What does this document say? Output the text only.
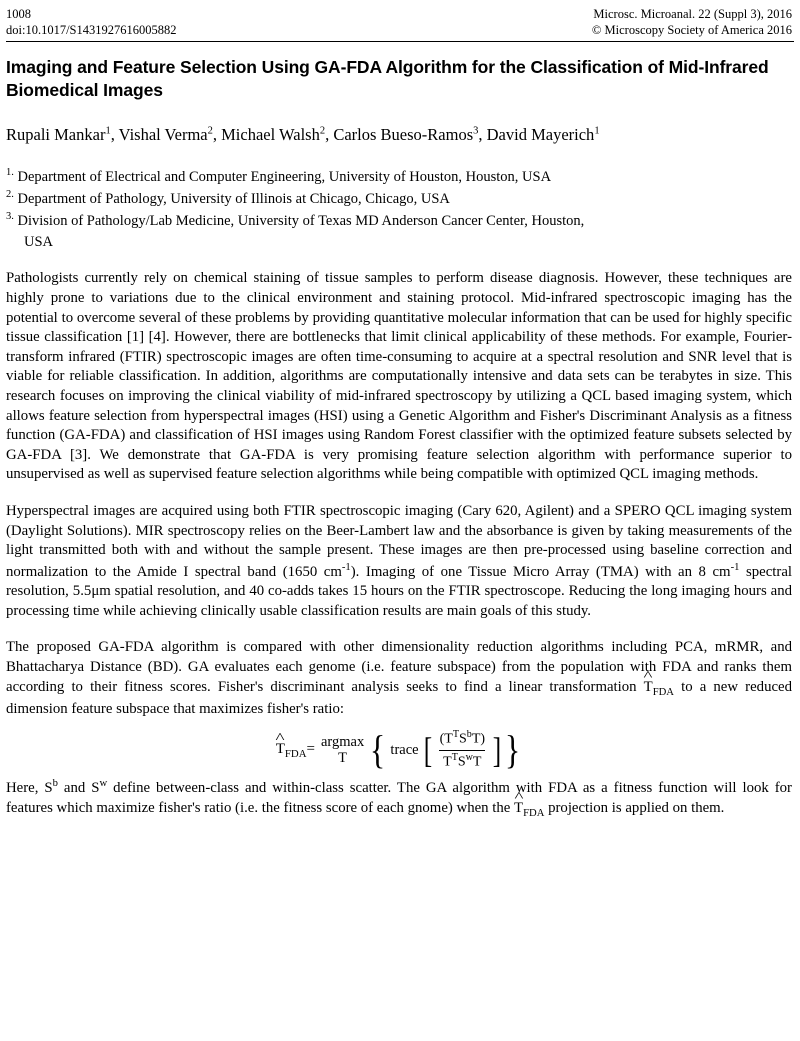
1008
doi:10.1017/S1431927616005882
Microsc. Microanal. 22 (Suppl 3), 2016
© Microscopy Society of America 2016
Imaging and Feature Selection Using GA-FDA Algorithm for the Classification of Mid-Infrared Biomedical Images
Rupali Mankar$^1$, Vishal Verma$^2$, Michael Walsh$^2$, Carlos Bueso-Ramos$^3$, David Mayerich$^1$
$^{1.}$ Department of Electrical and Computer Engineering, University of Houston, Houston, USA
$^{2.}$ Department of Pathology, University of Illinois at Chicago, Chicago, USA
$^{3.}$ Division of Pathology/Lab Medicine, University of Texas MD Anderson Cancer Center, Houston,
USA

Pathologists currently rely on chemical staining of tissue samples to perform disease diagnosis. However, these techniques are highly prone to variations due to the clinical environment and staining protocol. Mid-infrared spectroscopic imaging has the potential to overcome several of these problems by providing quantitative molecular information that can be used for highly specific tissue classification [1] [4]. However, there are bottlenecks that limit clinical applicability of these methods. For example, Fourier-transform infrared (FTIR) spectroscopic images are often time-consuming to acquire at a spectral resolution and SNR level that is viable for reliable classification. In addition, algorithms are computationally intensive and data sets can be terabytes in size. This research focuses on improving the clinical viability of mid-infrared spectroscopy by utilizing a QCL based imaging system, which allows feature selection from hyperspectral images (HSI) using a Genetic Algorithm and Fisher's Discriminant Analysis as a fitness function (GA-FDA) and classification of HSI images using Random Forest classifier with the optimized feature subsets selected by GA-FDA [3]. We demonstrate that GA-FDA is very promising feature selection algorithm with performance superior to unsupervised as well as supervised feature selection algorithms while being compatible with optimized QCL imaging methods.

Hyperspectral images are acquired using both FTIR spectroscopic imaging (Cary 620, Agilent) and a SPERO QCL imaging system (Daylight Solutions). MIR spectroscopy relies on the Beer-Lambert law and the absorbance is given by taking measurements of the light transmitted both with and without the sample present. These images are then pre-processed using baseline correction and normalization to the Amide I spectral band (1650 $cm^{-1}$). Imaging of one Tissue Micro Array (TMA) with an 8 $cm^{-1}$ spectral resolution, 5.5μm spatial resolution, and 40 co-adds takes 15 hours on the FTIR spectroscope. Reducing the long imaging hours and processing time while achieving clinically usable classification results are main goals of this study.

The proposed GA-FDA algorithm is compared with other dimensionality reduction algorithms including PCA, mRMR, and Bhattacharya Distance (BD). GA evaluates each genome (i.e. feature subspace) from the population with FDA and ranks them according to their fitness scores. Fisher's discriminant analysis seeks to find a linear transformation ^ $T_{FDA}$ to a new reduced dimension feature subspace that maximizes fisher's ratio:

^ $T_{FDA}= argmax$
T { trace [ $\frac{(T^TS^bT)}{T^TS^wT}$ ] }

Here, $S^b$ and $S^w$ define between-class and within-class scatter. The GA algorithm with FDA as a fitness function will look for features which maximize fisher's ratio (i.e. the fitness score of each gnome) when the ^ $T_{FDA}$ projection is applied on them.
